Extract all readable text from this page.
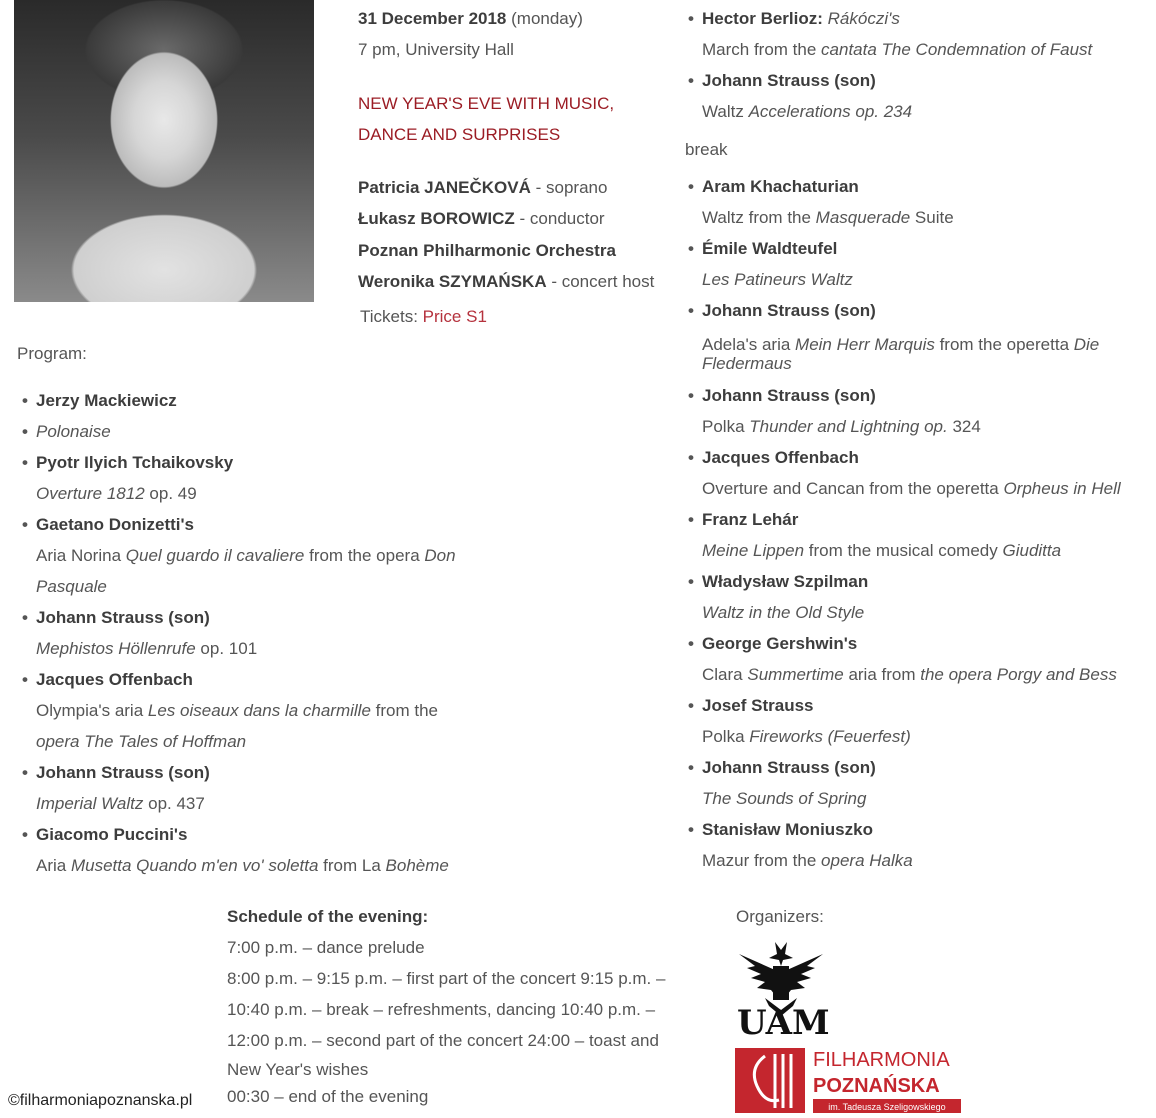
31 December 2018 (monday)
7 pm, University Hall
NEW YEAR'S EVE WITH MUSIC,
DANCE AND SURPRISES
Patricia JANEČKOVÁ - soprano
Łukasz BOROWICZ - conductor
Poznan Philharmonic Orchestra
Weronika SZYMAŃSKA - concert host
Tickets: Price S1
Program:
• Jerzy Mackiewicz
• Polonaise
• Pyotr Ilyich Tchaikovsky
Overture 1812 op. 49
• Gaetano Donizetti's
Aria Norina Quel guardo il cavaliere from the opera Don
Pasquale
• Johann Strauss (son)
Mephistos Höllenrufe op. 101
• Jacques Offenbach
Olympia's aria Les oiseaux dans la charmille from the
opera The Tales of Hoffman
• Johann Strauss (son)
Imperial Waltz op. 437
• Giacomo Puccini's
Aria Musetta Quando m'en vo' soletta from La Bohème
Schedule of the evening:
7:00 p.m. – dance prelude
8:00 p.m. – 9:15 p.m. – first part of the concert 9:15 p.m. –
10:40 p.m. – break – refreshments, dancing 10:40 p.m. –
12:00 p.m. – second part of the concert 24:00 – toast and
New Year's wishes
00:30 – end of the evening
©filharmoniapoznanska.pl
• Hector Berlioz: Rákóczi's
March from the cantata The Condemnation of Faust
• Johann Strauss (son)
Waltz Accelerations op. 234
break
• Aram Khachaturian
Waltz from the Masquerade Suite
• Émile Waldteufel
Les Patineurs Waltz
• Johann Strauss (son)
Adela's aria Mein Herr Marquis from the operetta Die
Fledermaus
• Johann Strauss (son)
Polka Thunder and Lightning op. 324
• Jacques Offenbach
Overture and Cancan from the operetta Orpheus in Hell
• Franz Lehár
Meine Lippen from the musical comedy Giuditta
• Władysław Szpilman
Waltz in the Old Style
• George Gershwin's
Clara Summertime aria from the opera Porgy and Bess
• Josef Strauss
Polka Fireworks (Feuerfest)
• Johann Strauss (son)
The Sounds of Spring
• Stanisław Moniuszko
Mazur from the opera Halka
Organizers:
UAM
FILHARMONIA
POZNAŃSKA
im. Tadeusza Szeligowskiego
